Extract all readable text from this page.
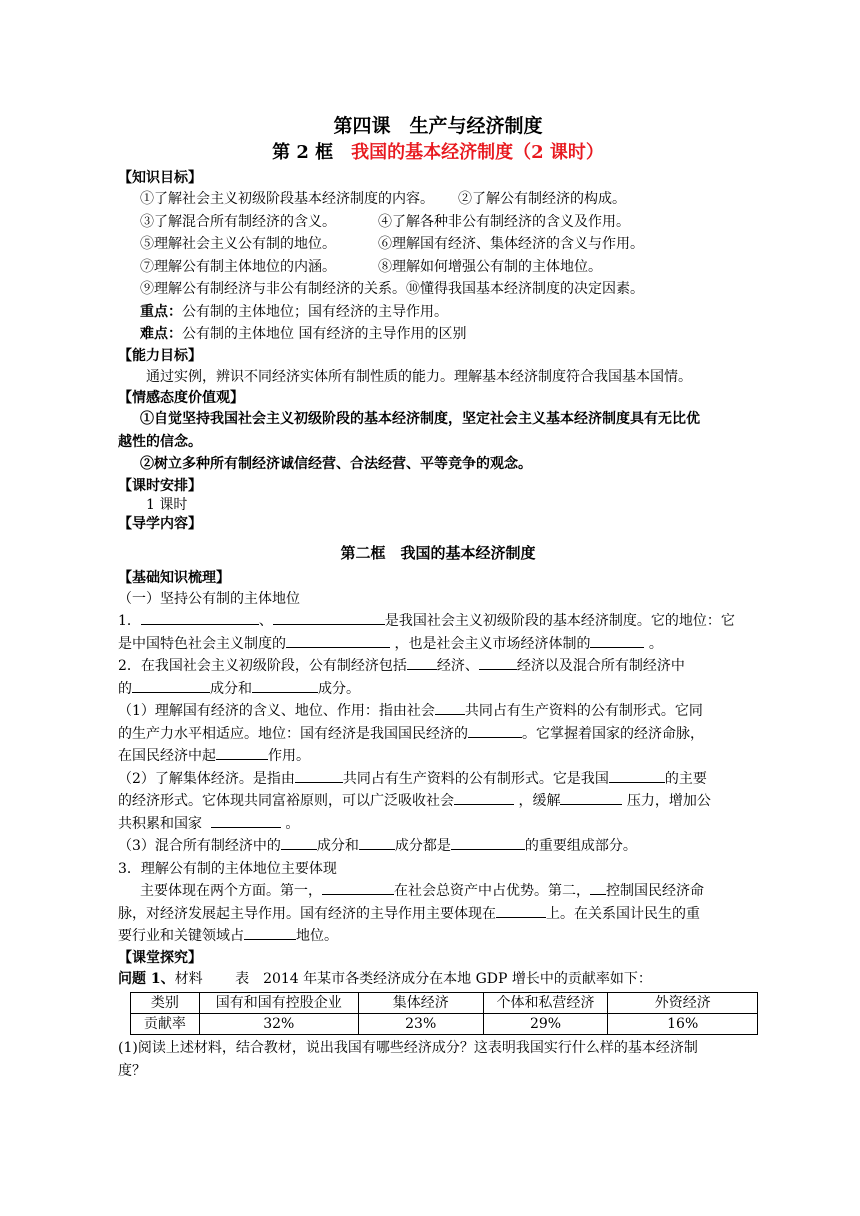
第四课　生产与经济制度

第 2 框　我国的基本经济制度（2 课时）

【知识目标】

①了解社会主义初级阶段基本经济制度的内容。 ②了解公有制经济的构成。

③了解混合所有制经济的含义。	④了解各种非公有制经济的含义及作用。

⑤理解社会主义公有制的地位。	⑥理解国有经济、集体经济的含义与作用。

⑦理解公有制主体地位的内涵。	⑧理解如何增强公有制的主体地位。

⑨理解公有制经济与非公有制经济的关系。⑩懂得我国基本经济制度的决定因素。

重点：公有制的主体地位；国有经济的主导作用。

难点：公有制的主体地位 国有经济的主导作用的区别

【能力目标】

通过实例，辨识不同经济实体所有制性质的能力。理解基本经济制度符合我国基本国情。

【情感态度价值观】

①自觉坚持我国社会主义初级阶段的基本经济制度，坚定社会主义基本经济制度具有无比优

越性的信念。

②树立多种所有制经济诚信经营、合法经营、平等竞争的观念。

【课时安排】

1 课时

【导学内容】

第二框　我国的基本经济制度

【基础知识梳理】

（一）坚持公有制的主体地位

1．	、	是我国社会主义初级阶段的基本经济制度。它的地位：它

是中国特色社会主义制度的	，也是社会主义市场经济体制的	。

2．在我国社会主义初级阶段，公有制经济包括 经济、	经济以及混合所有制经济中

的	成分和	成分。

（1）理解国有经济的含义、地位、作用：指由社会 共同占有生产资料的公有制形式。它同

的生产力水平相适应。地位：国有经济是我国国民经济的	。它掌握着国家的经济命脉，

在国民经济中起	作用。

（2）了解集体经济。是指由	共同占有生产资料的公有制形式。它是我国	的主要

的经济形式。它体现共同富裕原则，可以广泛吸收社会	，缓解	压力，增加公

共积累和国家	。

（3）混合所有制经济中的	成分和	成分都是	的重要组成部分。

3．理解公有制的主体地位主要体现

主要体现在两个方面。第一，	在社会总资产中占优势。第二， 控制国民经济命

脉，对经济发展起主导作用。国有经济的主导作用主要体现在	上。在关系国计民生的重

要行业和关键领域占	地位。

【课堂探究】

问题 1、材料　　 表　2014 年某市各类经济成分在本地 GDP 增长中的贡献率如下：

类别	国有和国有控股企业	集体经济	个体和私营经济	外资经济
贡献率	32%	23%	29%	16%

(1)阅读上述材料，结合教材，说出我国有哪些经济成分？这表明我国实行什么样的基本经济制

度？
